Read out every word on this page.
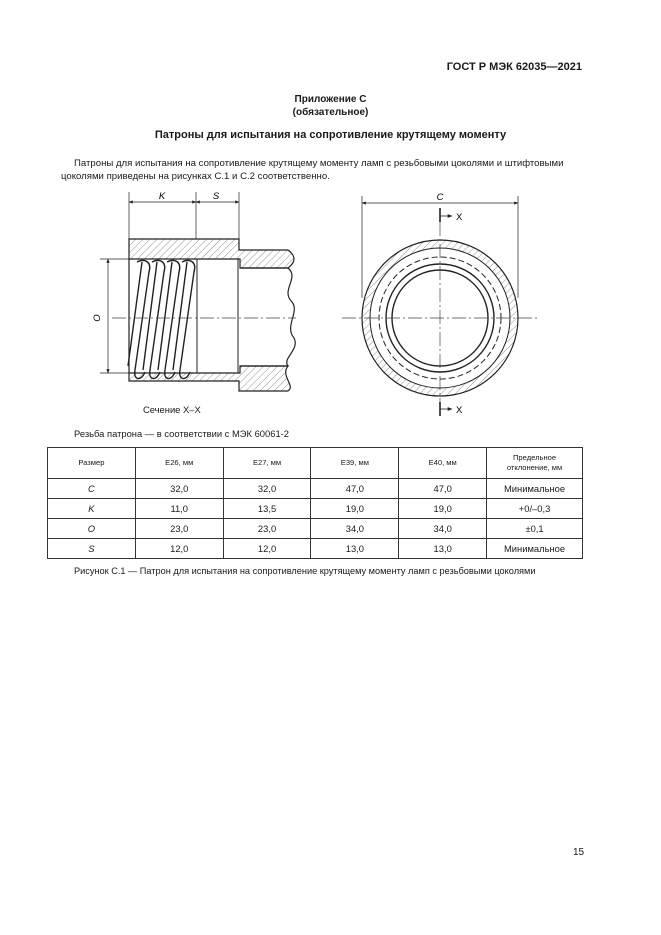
ГОСТ Р МЭК 62035—2021
Приложение С
(обязательное)
Патроны для испытания на сопротивление крутящему моменту
Патроны для испытания на сопротивление крутящему моменту ламп с резьбовыми цоколями и штифтовыми цоколями приведены на рисунках С.1 и С.2 соответственно.
K	S
O
X
X
C
Сечение X–X
Резьба патрона — в соответствии с МЭК 60061-2
Размер	E26, мм	E27, мм	E39, мм	E40, мм	Предельное отклонение, мм
C	32,0	32,0	47,0	47,0	Минимальное
K	11,0	13,5	19,0	19,0	+0/–0,3
O	23,0	23,0	34,0	34,0	±0,1
S	12,0	12,0	13,0	13,0	Минимальное
Рисунок С.1 — Патрон для испытания на сопротивление крутящему моменту ламп с резьбовыми цоколями
15
